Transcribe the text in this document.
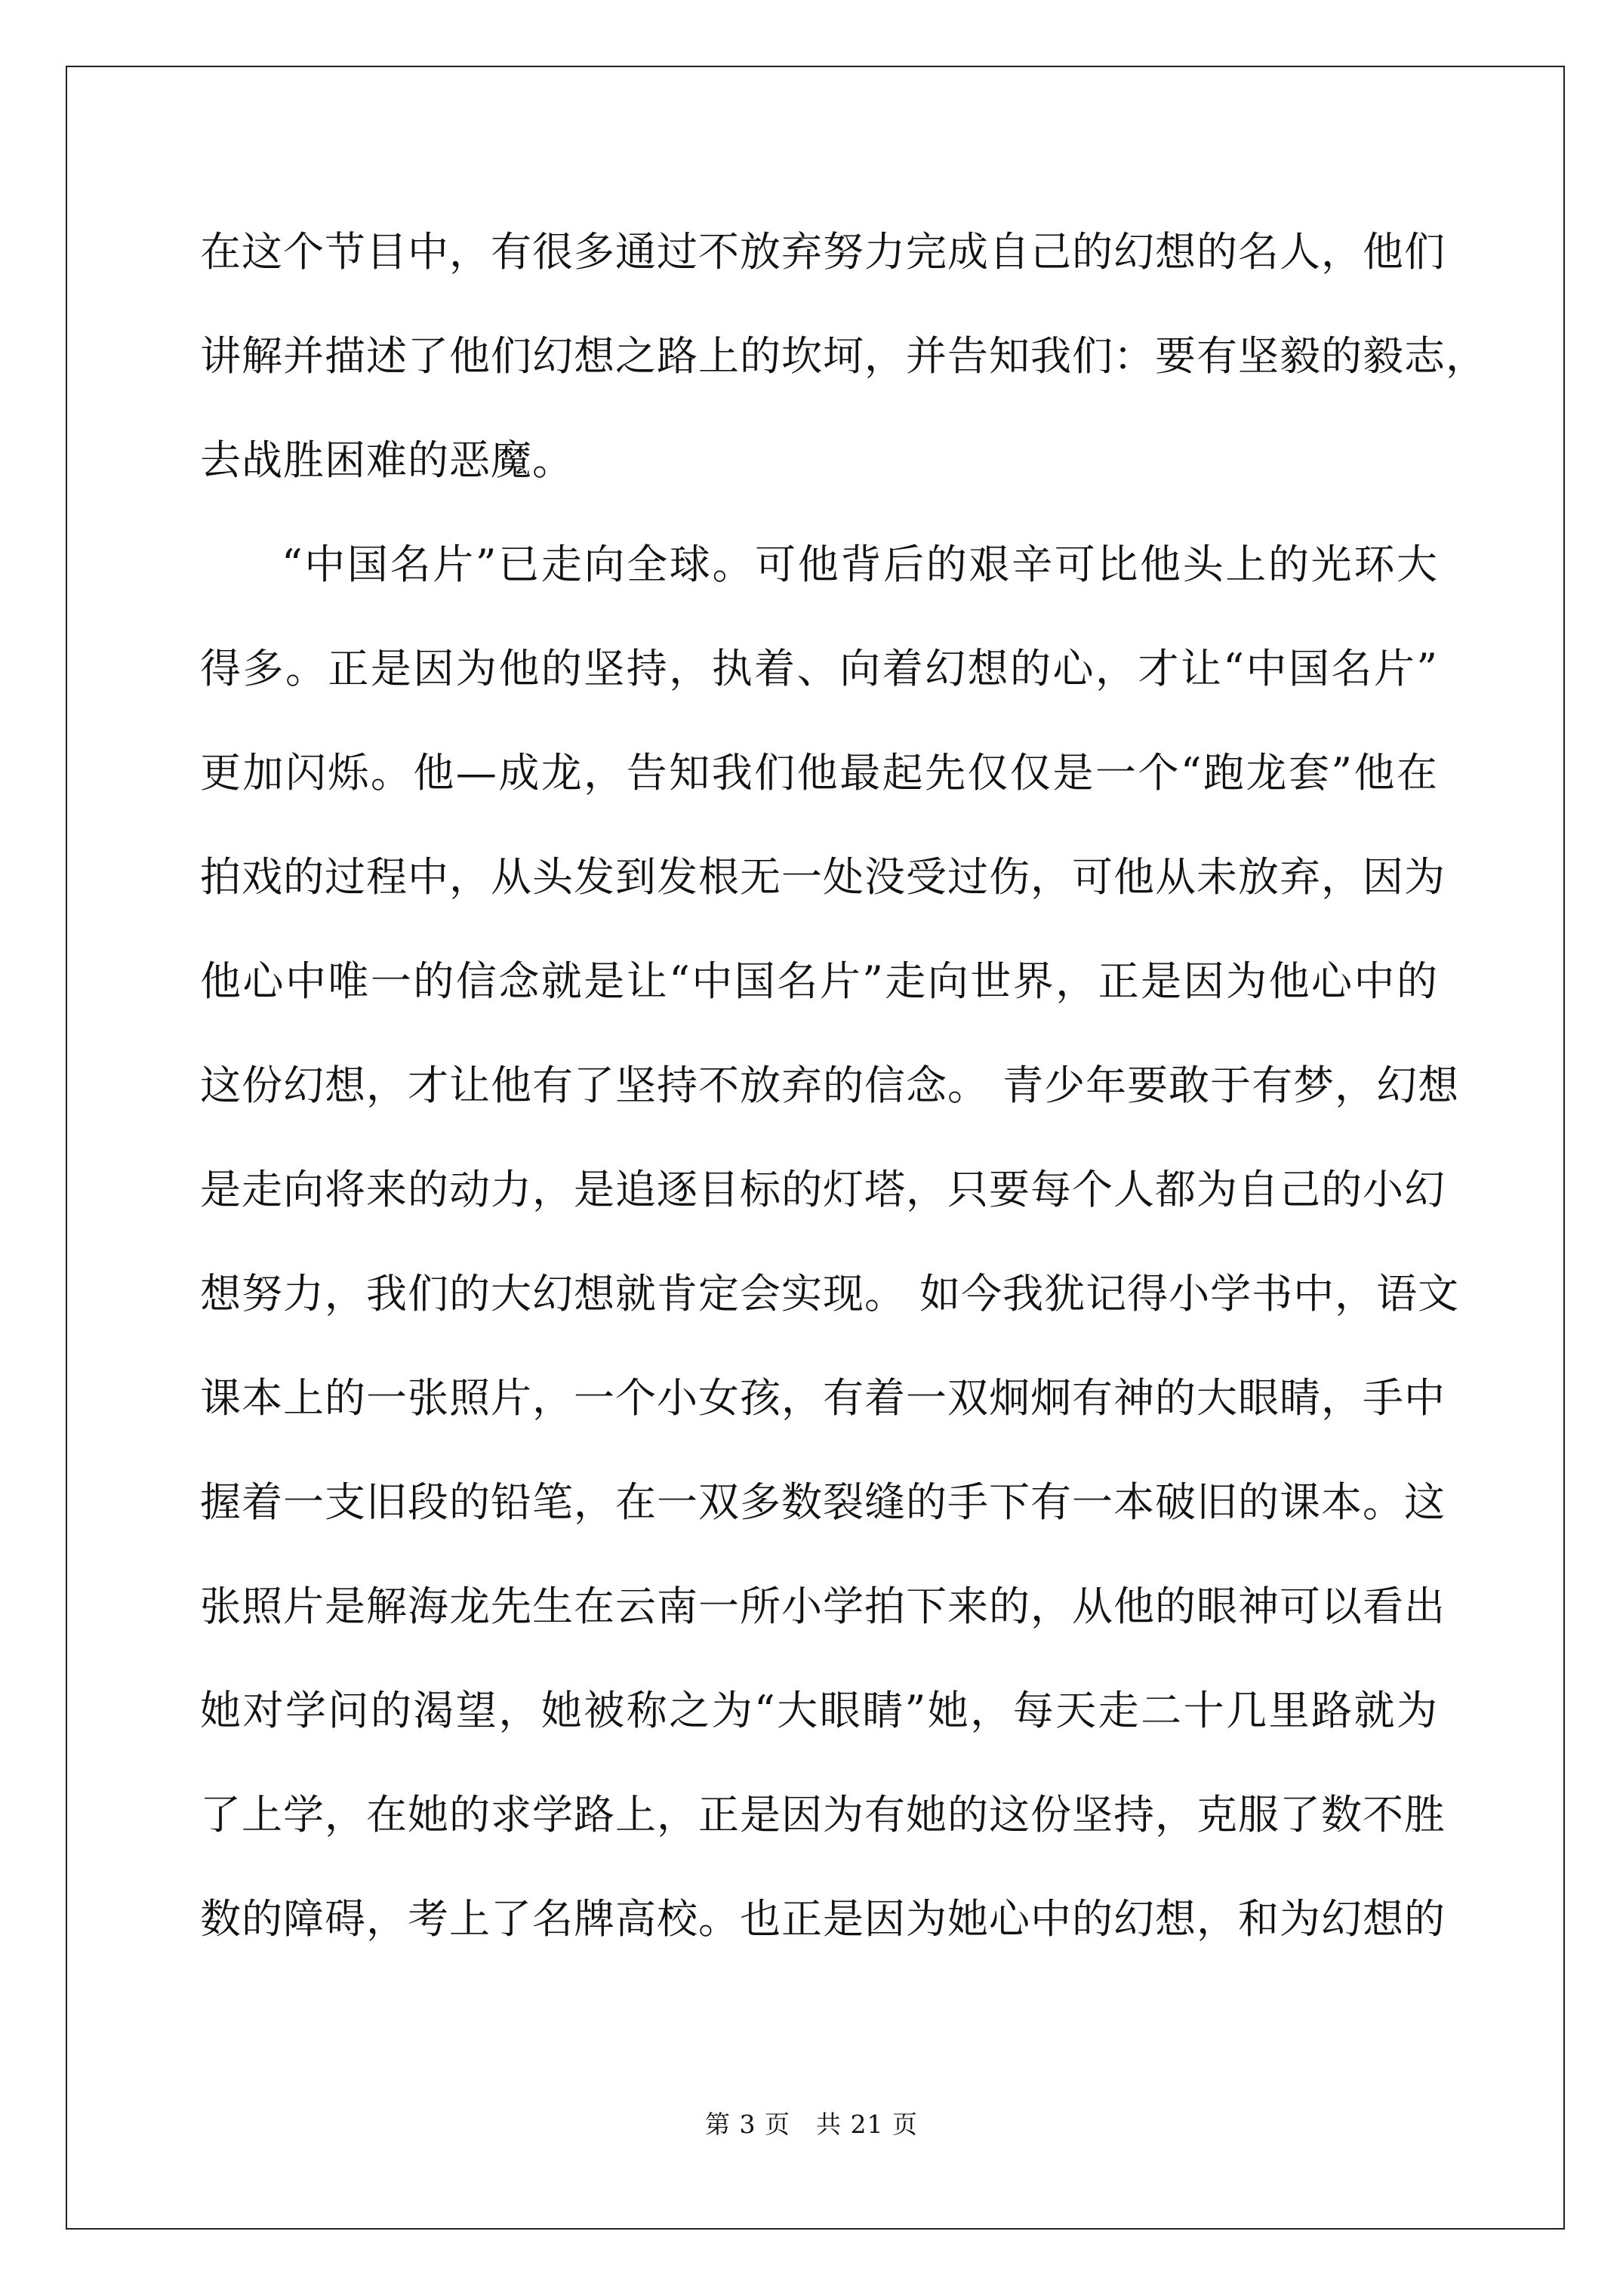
在这个节目中，有很多通过不放弃努力完成自己的幻想的名人，他们
讲解并描述了他们幻想之路上的坎坷，并告知我们：要有坚毅的毅志，
去战胜困难的恶魔。
“中国名片”已走向全球。可他背后的艰辛可比他头上的光环大
得多。正是因为他的坚持，执着、向着幻想的心，才让“中国名片”
更加闪烁。他—成龙，告知我们他最起先仅仅是一个“跑龙套”他在
拍戏的过程中，从头发到发根无一处没受过伤，可他从未放弃，因为
他心中唯一的信念就是让“中国名片”走向世界，正是因为他心中的
这份幻想，才让他有了坚持不放弃的信念。 青少年要敢于有梦，幻想
是走向将来的动力，是追逐目标的灯塔，只要每个人都为自己的小幻
想努力，我们的大幻想就肯定会实现。 如今我犹记得小学书中，语文
课本上的一张照片，一个小女孩，有着一双炯炯有神的大眼睛，手中
握着一支旧段的铅笔，在一双多数裂缝的手下有一本破旧的课本。这
张照片是解海龙先生在云南一所小学拍下来的，从他的眼神可以看出
她对学问的渴望，她被称之为“大眼睛”她，每天走二十几里路就为
了上学，在她的求学路上，正是因为有她的这份坚持，克服了数不胜
数的障碍，考上了名牌高校。也正是因为她心中的幻想，和为幻想的
第 3 页　共 21 页
